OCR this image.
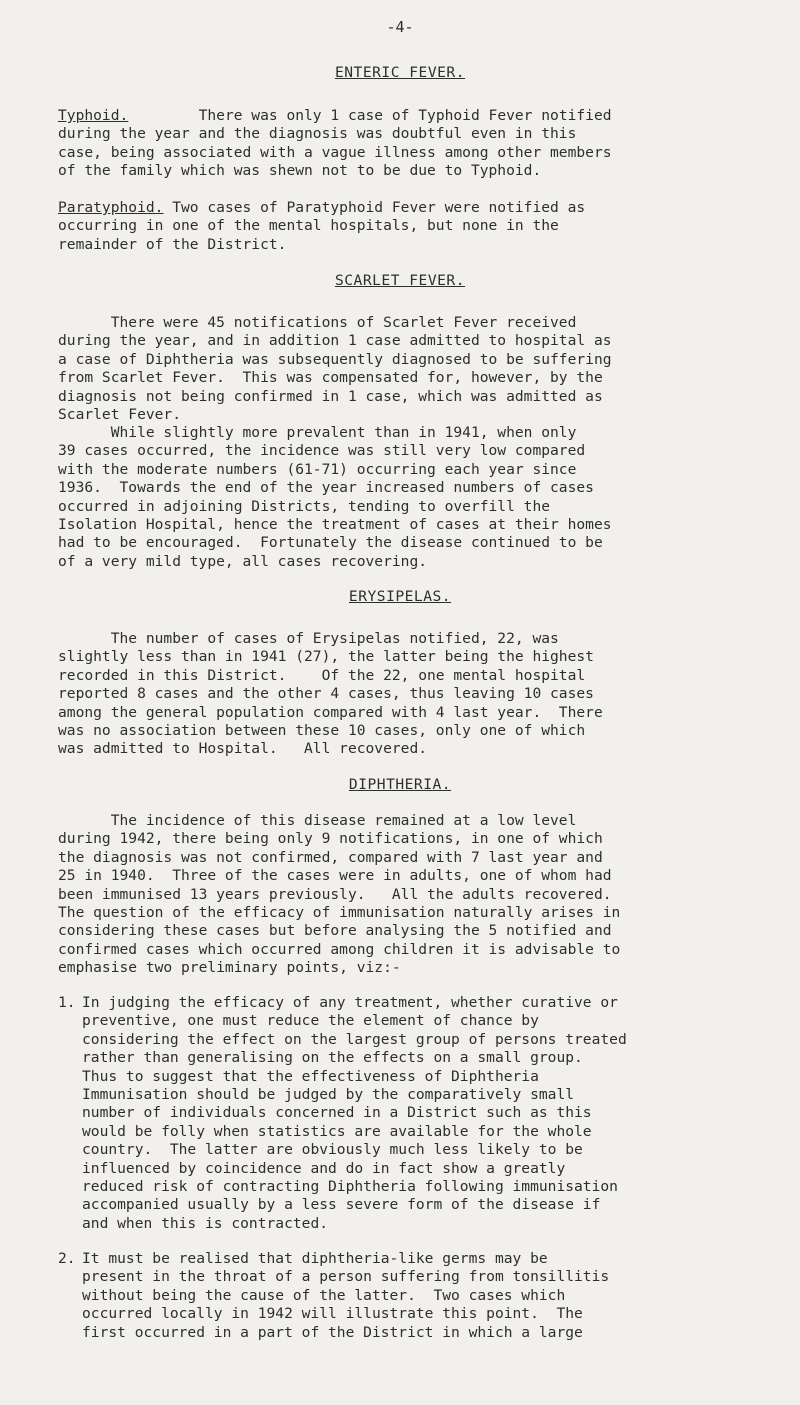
-4-
ENTERIC FEVER.
Typhoid.	There was only 1 case of Typhoid Fever notified
during the year and the diagnosis was doubtful even in this
case, being associated with a vague illness among other members
of the family which was shewn not to be due to Typhoid.
Paratyphoid. Two cases of Paratyphoid Fever were notified as
occurring in one of the mental hospitals, but none in the
remainder of the District.
SCARLET FEVER.
There were 45 notifications of Scarlet Fever received
during the year, and in addition 1 case admitted to hospital as
a case of Diphtheria was subsequently diagnosed to be suffering
from Scarlet Fever.  This was compensated for, however, by the
diagnosis not being confirmed in 1 case, which was admitted as
Scarlet Fever.
While slightly more prevalent than in 1941, when only
39 cases occurred, the incidence was still very low compared
with the moderate numbers (61-71) occurring each year since
1936.  Towards the end of the year increased numbers of cases
occurred in adjoining Districts, tending to overfill the
Isolation Hospital, hence the treatment of cases at their homes
had to be encouraged.  Fortunately the disease continued to be
of a very mild type, all cases recovering.
ERYSIPELAS.
The number of cases of Erysipelas notified, 22, was
slightly less than in 1941 (27), the latter being the highest
recorded in this District.    Of the 22, one mental hospital
reported 8 cases and the other 4 cases, thus leaving 10 cases
among the general population compared with 4 last year.  There
was no association between these 10 cases, only one of which
was admitted to Hospital.   All recovered.
DIPHTHERIA.
The incidence of this disease remained at a low level
during 1942, there being only 9 notifications, in one of which
the diagnosis was not confirmed, compared with 7 last year and
25 in 1940.  Three of the cases were in adults, one of whom had
been immunised 13 years previously.   All the adults recovered.
The question of the efficacy of immunisation naturally arises in
considering these cases but before analysing the 5 notified and
confirmed cases which occurred among children it is advisable to
emphasise two preliminary points, viz:-
1. In judging the efficacy of any treatment, whether curative or
preventive, one must reduce the element of chance by
considering the effect on the largest group of persons treated
rather than generalising on the effects on a small group.
Thus to suggest that the effectiveness of Diphtheria
Immunisation should be judged by the comparatively small
number of individuals concerned in a District such as this
would be folly when statistics are available for the whole
country.  The latter are obviously much less likely to be
influenced by coincidence and do in fact show a greatly
reduced risk of contracting Diphtheria following immunisation
accompanied usually by a less severe form of the disease if
and when this is contracted.
2. It must be realised that diphtheria-like germs may be
present in the throat of a person suffering from tonsillitis
without being the cause of the latter.  Two cases which
occurred locally in 1942 will illustrate this point.  The
first occurred in a part of the District in which a large
